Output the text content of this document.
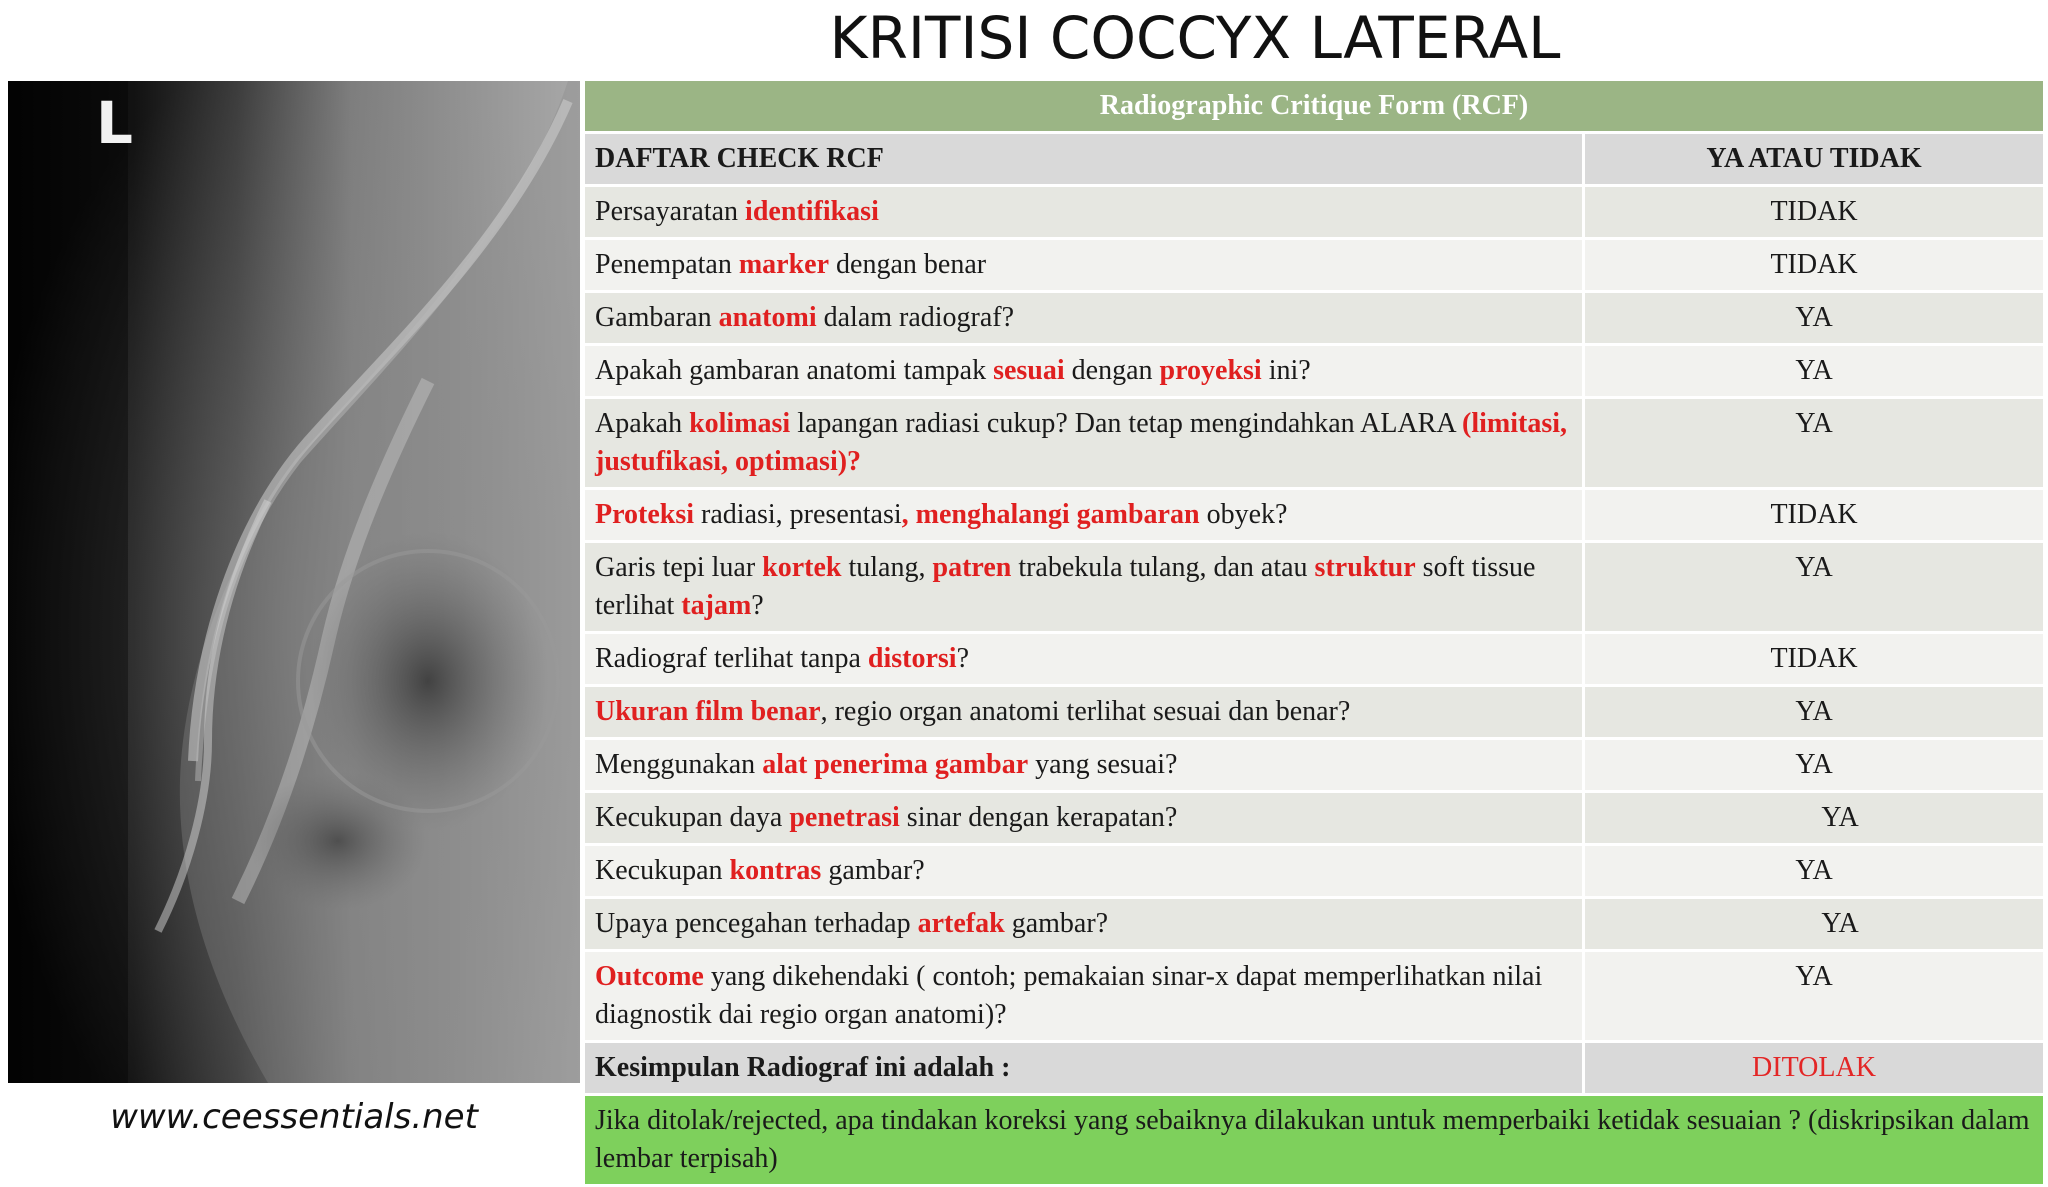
KRITISI COCCYX LATERAL
L
www.ceessentials.net
Radiographic Critique Form (RCF)	
DAFTAR CHECK RCF	YA ATAU TIDAK
Persayaratan identifikasi	TIDAK
Penempatan marker dengan benar	TIDAK
Gambaran anatomi dalam radiograf?	YA
Apakah gambaran anatomi tampak sesuai dengan proyeksi ini?	YA
Apakah kolimasi lapangan radiasi cukup? Dan tetap mengindahkan ALARA (limitasi, justufikasi, optimasi)?	YA
Proteksi radiasi, presentasi, menghalangi gambaran obyek?	TIDAK
Garis tepi luar kortek tulang, patren trabekula tulang, dan atau struktur soft tissue terlihat tajam?	YA
Radiograf terlihat tanpa distorsi?	TIDAK
Ukuran film benar, regio organ anatomi terlihat sesuai dan benar?	YA
Menggunakan alat penerima gambar yang sesuai?	YA
Kecukupan daya penetrasi sinar dengan kerapatan?	YA
Kecukupan kontras gambar?	YA
Upaya pencegahan terhadap artefak gambar?	YA
Outcome yang dikehendaki ( contoh; pemakaian sinar-x dapat memperlihatkan nilai diagnostik dai regio organ anatomi)?	YA
Kesimpulan Radiograf ini adalah :	DITOLAK
Jika ditolak/rejected, apa tindakan koreksi yang sebaiknya dilakukan untuk memperbaiki ketidak sesuaian ? (diskripsikan dalam lembar terpisah)	
